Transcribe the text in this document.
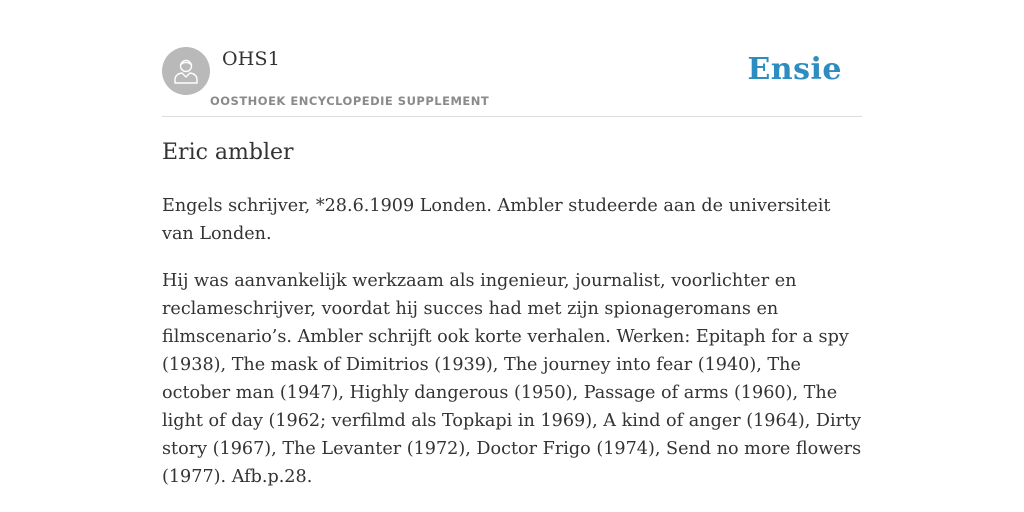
OHS1
OOSTHOEK ENCYCLOPEDIE SUPPLEMENT
Ensie
Eric ambler

Engels schrijver, *28.6.1909 Londen. Ambler studeerde aan de universiteit van Londen.

Hij was aanvankelijk werkzaam als ingenieur, journalist, voorlichter en reclameschrijver, voordat hij succes had met zijn spionageromans en filmscenario’s. Ambler schrijft ook korte verhalen. Werken: Epitaph for a spy (1938), The mask of Dimitrios (1939), The journey into fear (1940), The october man (1947), Highly dangerous (1950), Passage of arms (1960), The light of day (1962; verfilmd als Topkapi in 1969), A kind of anger (1964), Dirty story (1967), The Levanter (1972), Doctor Frigo (1974), Send no more flowers (1977). Afb.p.28.
